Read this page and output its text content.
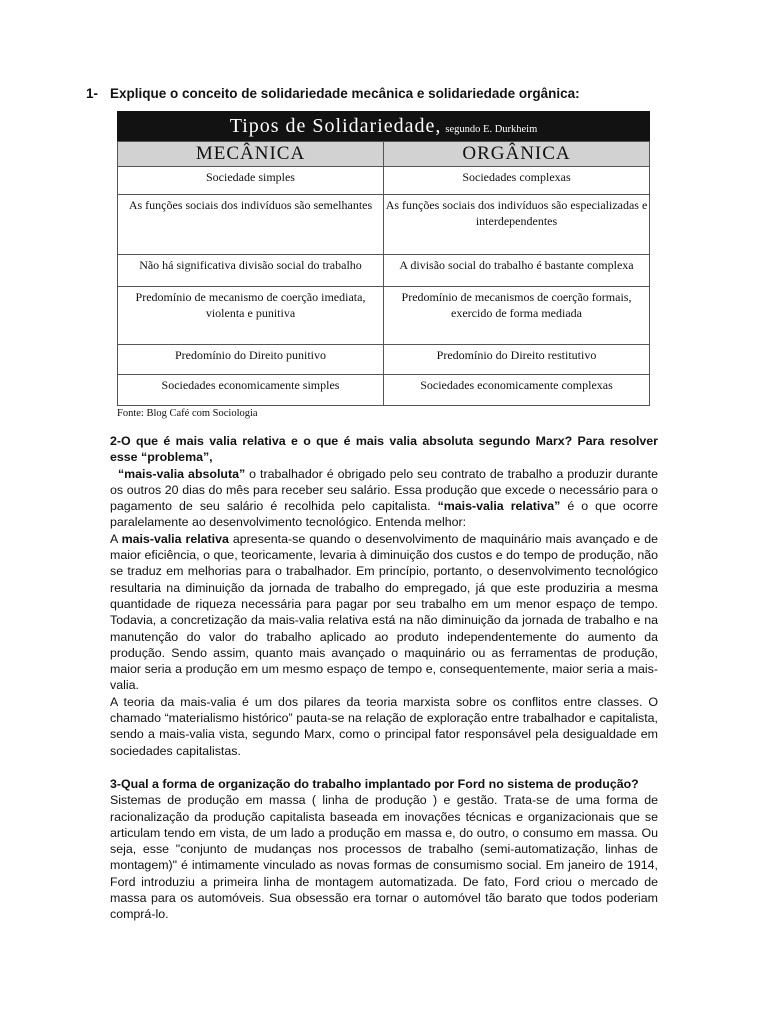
1- Explique o conceito de solidariedade mecânica e solidariedade orgânica:
Tipos de Solidariedade, segundo E. Durkheim
MECÂNICA	ORGÂNICA
Sociedade simples	Sociedades complexas
As funções sociais dos indivíduos são semelhantes	As funções sociais dos indivíduos são especializadas e interdependentes
Não há significativa divisão social do trabalho	A divisão social do trabalho é bastante complexa
Predomínio de mecanismo de coerção imediata, violenta e punitiva	Predomínio de mecanismos de coerção formais, exercido de forma mediada
Predomínio do Direito punitivo	Predomínio do Direito restitutivo
Sociedades economicamente simples	Sociedades economicamente complexas
Fonte: Blog Café com Sociologia

2-O que é mais valia relativa e o que é mais valia absoluta segundo Marx? Para resolver esse “problema”,

“mais-valia absoluta” o trabalhador é obrigado pelo seu contrato de trabalho a produzir durante os outros 20 dias do mês para receber seu salário. Essa produção que excede o necessário para o pagamento de seu salário é recolhida pelo capitalista. “mais-valia relativa” é o que ocorre paralelamente ao desenvolvimento tecnológico. Entenda melhor:

A mais-valia relativa apresenta-se quando o desenvolvimento de maquinário mais avançado e de maior eficiência, o que, teoricamente, levaria à diminuição dos custos e do tempo de produção, não se traduz em melhorias para o trabalhador. Em princípio, portanto, o desenvolvimento tecnológico resultaria na diminuição da jornada de trabalho do empregado, já que este produziria a mesma quantidade de riqueza necessária para pagar por seu trabalho em um menor espaço de tempo. Todavia, a concretização da mais-valia relativa está na não diminuição da jornada de trabalho e na manutenção do valor do trabalho aplicado ao produto independentemente do aumento da produção. Sendo assim, quanto mais avançado o maquinário ou as ferramentas de produção, maior seria a produção em um mesmo espaço de tempo e, consequentemente, maior seria a mais-valia.

A teoria da mais-valia é um dos pilares da teoria marxista sobre os conflitos entre classes. O chamado “materialismo histórico” pauta-se na relação de exploração entre trabalhador e capitalista, sendo a mais-valia vista, segundo Marx, como o principal fator responsável pela desigualdade em sociedades capitalistas.

3-Qual a forma de organização do trabalho implantado por Ford no sistema de produção?

Sistemas de produção em massa ( linha de produção ) e gestão. Trata-se de uma forma de racionalização da produção capitalista baseada em inovações técnicas e organizacionais que se articulam tendo em vista, de um lado a produção em massa e, do outro, o consumo em massa. Ou seja, esse "conjunto de mudanças nos processos de trabalho (semi-automatização, linhas de montagem)" é intimamente vinculado as novas formas de consumismo social. Em janeiro de 1914, Ford introduziu a primeira linha de montagem automatizada. De fato, Ford criou o mercado de massa para os automóveis. Sua obsessão era tornar o automóvel tão barato que todos poderiam comprá-lo.
